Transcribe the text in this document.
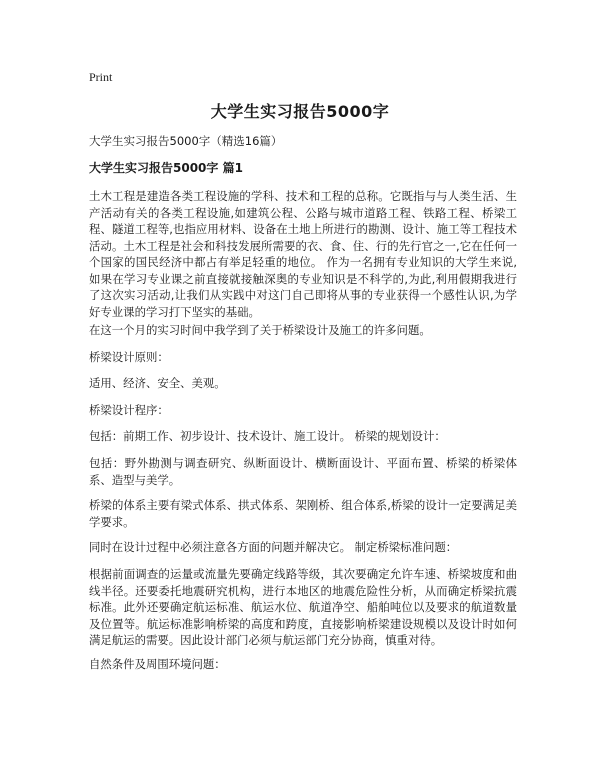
Print
大学生实习报告5000字

大学生实习报告5000字（精选16篇）

大学生实习报告5000字 篇1

土木工程是建造各类工程设施的学科、技术和工程的总称。它既指与与人类生活、生产活动有关的各类工程设施,如建筑公程、公路与城市道路工程、铁路工程、桥梁工程、隧道工程等,也指应用材料、设备在土地上所进行的勘测、设计、施工等工程技术活动。土木工程是社会和科技发展所需要的衣、食、住、行的先行官之一,它在任何一个国家的国民经济中都占有举足轻重的地位。 作为一名拥有专业知识的大学生来说,如果在学习专业课之前直接就接触深奥的专业知识是不科学的,为此,利用假期我进行了这次实习活动,让我们从实践中对这门自己即将从事的专业获得一个感性认识,为学好专业课的学习打下坚实的基础。

在这一个月的实习时间中我学到了关于桥梁设计及施工的许多问题。

桥梁设计原则：

适用、经济、安全、美观。

桥梁设计程序：

包括：前期工作、初步设计、技术设计、施工设计。 桥梁的规划设计：

包括：野外勘测与调查研究、纵断面设计、横断面设计、平面布置、桥梁的桥梁体系、造型与美学。

桥梁的体系主要有梁式体系、拱式体系、架刚桥、组合体系,桥梁的设计一定要满足美学要求。

同时在设计过程中必须注意各方面的问题并解决它。 制定桥梁标准问题：

根据前面调查的运量或流量先要确定线路等级，其次要确定允许车速、桥梁坡度和曲线半径。还要委托地震研究机构，进行本地区的地震危险性分析，从而确定桥梁抗震标准。此外还要确定航运标准、航运水位、航道净空、船舶吨位以及要求的航道数量及位置等。航运标准影响桥梁的高度和跨度，直接影响桥梁建设规模以及设计时如何满足航运的需要。因此设计部门必须与航运部门充分协商，慎重对待。

自然条件及周围环境问题：
